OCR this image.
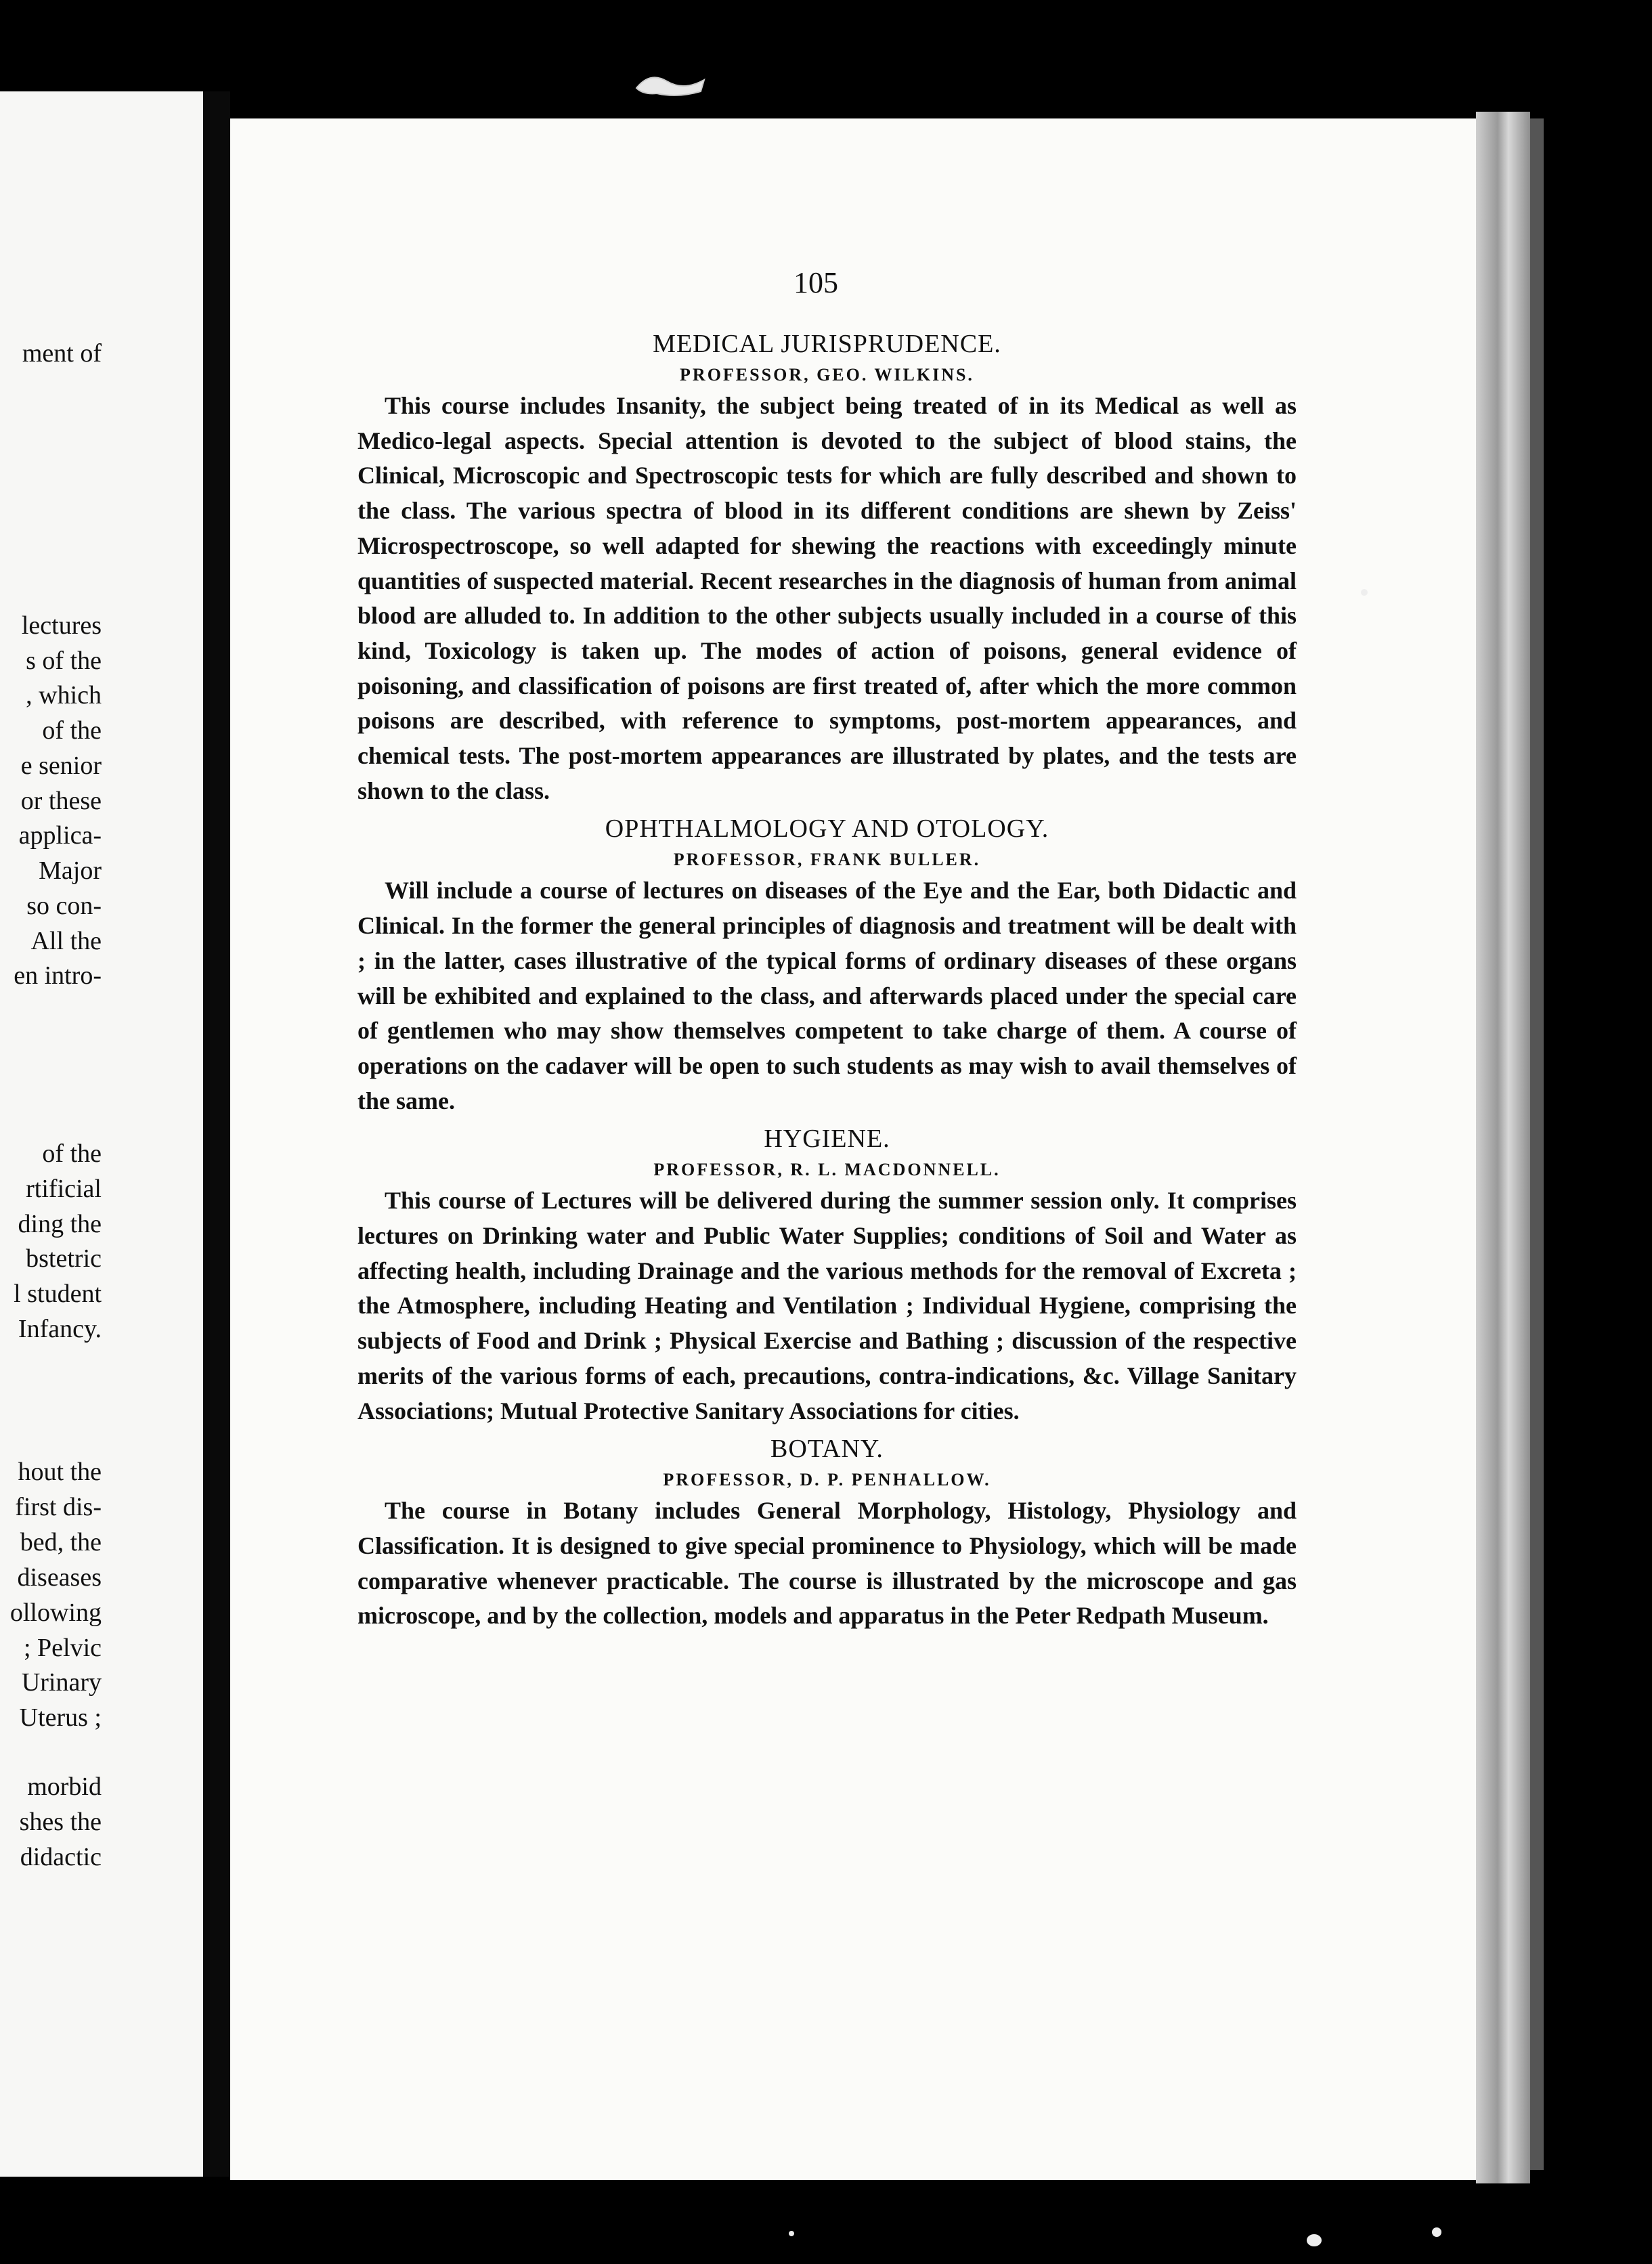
ment of
lectures
s of the
, which
of the
e senior
or these
applica-
Major
so con-
All the
en intro-
of the
rtificial
ding the
bstetric
l student
Infancy.
hout the
first dis-
bed, the
diseases
ollowing
; Pelvic
Urinary
Uterus ;
morbid
shes the
didactic
105
MEDICAL JURISPRUDENCE.
PROFESSOR, GEO. WILKINS.

This course includes Insanity, the subject being treated of in its Medical as well as Medico-legal aspects. Special attention is devoted to the subject of blood stains, the Clinical, Microscopic and Spectroscopic tests for which are fully described and shown to the class. The various spectra of blood in its different conditions are shewn by Zeiss' Microspectroscope, so well adapted for shewing the reactions with exceedingly minute quantities of suspected material. Recent researches in the diagnosis of human from animal blood are alluded to. In addition to the other subjects usually included in a course of this kind, Toxicology is taken up. The modes of action of poisons, general evidence of poisoning, and classification of poisons are first treated of, after which the more common poisons are described, with reference to symptoms, post-mortem appearances, and chemical tests. The post-mortem appearances are illustrated by plates, and the tests are shown to the class.

OPHTHALMOLOGY AND OTOLOGY.
PROFESSOR, FRANK BULLER.

Will include a course of lectures on diseases of the Eye and the Ear, both Didactic and Clinical. In the former the general principles of diagnosis and treatment will be dealt with ; in the latter, cases illustrative of the typical forms of ordinary diseases of these organs will be exhibited and explained to the class, and afterwards placed under the special care of gentlemen who may show themselves competent to take charge of them. A course of operations on the cadaver will be open to such students as may wish to avail themselves of the same.

HYGIENE.
PROFESSOR, R. L. MACDONNELL.

This course of Lectures will be delivered during the summer session only. It comprises lectures on Drinking water and Public Water Supplies; conditions of Soil and Water as affecting health, including Drainage and the various methods for the removal of Excreta ; the Atmosphere, including Heating and Ventilation ; Individual Hygiene, comprising the subjects of Food and Drink ; Physical Exercise and Bathing ; discussion of the respective merits of the various forms of each, precautions, contra-indications, &c. Village Sanitary Associations; Mutual Protective Sanitary Associations for cities.

BOTANY.
PROFESSOR, D. P. PENHALLOW.

The course in Botany includes General Morphology, Histology, Physiology and Classification. It is designed to give special prominence to Physiology, which will be made comparative whenever practicable. The course is illustrated by the microscope and gas microscope, and by the collection, models and apparatus in the Peter Redpath Museum.
